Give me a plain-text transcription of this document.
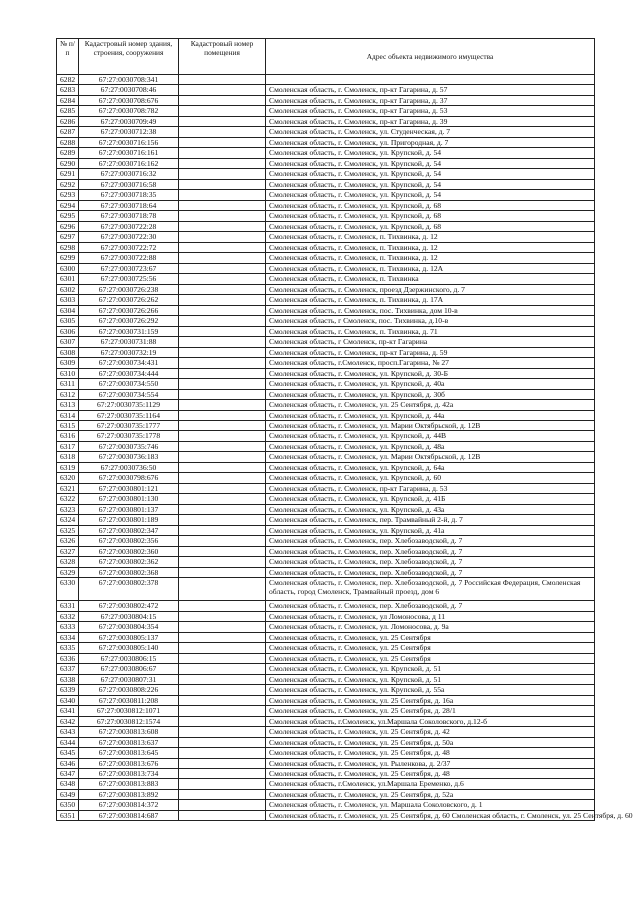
№ п/п	Кадастровый номер здания, строения, сооружения	Кадастровый номер помещения	Адрес объекта недвижимого имущества
6282	67:27:0030708:341		
6283	67:27:0030708:46		Смоленская область, г. Смоленск, пр-кт Гагарина, д. 57
6284	67:27:0030708:676		Смоленская область, г. Смоленск, пр-кт Гагарина, д. 37
6285	67:27:0030708:782		Смоленская область, г. Смоленск, пр-кт Гагарина, д. 53
6286	67:27:0030709:49		Смоленская область, г. Смоленск, пр-кт Гагарина, д. 39
6287	67:27:0030712:38		Смоленская область, г. Смоленск, ул. Студенческая, д. 7
6288	67:27:0030716:156		Смоленская область, г. Смоленск, ул. Пригородная, д. 7
6289	67:27:0030716:161		Смоленская область, г. Смоленск, ул. Крупской, д. 54
6290	67:27:0030716:162		Смоленская область, г. Смоленск, ул. Крупской, д. 54
6291	67:27:0030716:32		Смоленская область, г. Смоленск, ул. Крупской, д. 54
6292	67:27:0030716:58		Смоленская область, г. Смоленск, ул. Крупской, д. 54
6293	67:27:0030718:35		Смоленская область, г. Смоленск, ул. Крупской, д. 54
6294	67:27:0030718:64		Смоленская область, г. Смоленск, ул. Крупской, д. 68
6295	67:27:0030718:78		Смоленская область, г. Смоленск, ул. Крупской, д. 68
6296	67:27:0030722:28		Смоленская область, г. Смоленск, ул. Крупской, д. 68
6297	67:27:0030722:30		Смоленская область, г. Смоленск, п. Тихвинка, д. 12
6298	67:27:0030722:72		Смоленская область, г. Смоленск, п. Тихвинка, д. 12
6299	67:27:0030722:88		Смоленская область, г. Смоленск, п. Тихвинка, д. 12
6300	67:27:0030723:67		Смоленская область, г. Смоленск, п. Тихвинка, д. 12А
6301	67:27:0030725:56		Смоленская область, г. Смоленск, п. Тихвинка
6302	67:27:0030726:238		Смоленская область, г. Смоленск, проезд Дзержинского, д. 7
6303	67:27:0030726:262		Смоленская область, г. Смоленск, п. Тихвинка, д. 17А
6304	67:27:0030726:266		Смоленская область, г. Смоленск, пос. Тихвинка, дом 10-в
6305	67:27:0030726:292		Смоленская область, г Смоленск, пос. Тихвинка, д.10-в
6306	67:27:0030731:159		Смоленская область, г. Смоленск, п. Тихвинка, д. 71
6307	67:27:0030731:88		Смоленская область, г Смоленск, пр-кт Гагарина
6308	67:27:0030732:19		Смоленская область, г. Смоленск, пр-кт Гагарина, д. 59
6309	67:27:0030734:431		Смоленская область, г.Смоленск, просп.Гагарина, № 27
6310	67:27:0030734:444		Смоленская область, г. Смоленск, ул. Крупской, д. 30-Б
6311	67:27:0030734:550		Смоленская область, г. Смоленск, ул. Крупской, д. 40а
6312	67:27:0030734:554		Смоленская область, г. Смоленск, ул. Крупской, д. 30б
6313	67:27:0030735:1129		Смоленская область, г. Смоленск, ул. 25 Сентября, д. 42а
6314	67:27:0030735:1164		Смоленская область, г. Смоленск, ул. Крупской, д. 44а
6315	67:27:0030735:1777		Смоленская область, г. Смоленск, ул. Марии Октябрьской, д. 12В
6316	67:27:0030735:1778		Смоленская область, г. Смоленск, ул. Крупской, д. 44В
6317	67:27:0030735:746		Смоленская область, г. Смоленск, ул. Крупской, д. 48а
6318	67:27:0030736:183		Смоленская область, г. Смоленск, ул. Марии Октябрьской, д. 12В
6319	67:27:0030736:50		Смоленская область, г. Смоленск, ул. Крупской, д. 64а
6320	67:27:0030798:676		Смоленская область, г. Смоленск, ул. Крупской, д. 60
6321	67:27:0030801:121		Смоленская область, г. Смоленск, пр-кт Гагарина, д. 53
6322	67:27:0030801:130		Смоленская область, г. Смоленск, ул. Крупской, д. 41Б
6323	67:27:0030801:137		Смоленская область, г. Смоленск, ул. Крупской, д. 43а
6324	67:27:0030801:189		Смоленская область, г. Смоленск, пер. Трамвайный 2-й, д. 7
6325	67:27:0030802:347		Смоленская область, г. Смоленск, ул. Крупской, д. 41а
6326	67:27:0030802:356		Смоленская область, г. Смоленск, пер. Хлебозаводской, д. 7
6327	67:27:0030802:360		Смоленская область, г. Смоленск, пер. Хлебозаводской, д. 7
6328	67:27:0030802:362		Смоленская область, г. Смоленск, пер. Хлебозаводской, д. 7
6329	67:27:0030802:368		Смоленская область, г. Смоленск, пер. Хлебозаводской, д. 7
6330	67:27:0030802:378		Смоленская область, г. Смоленск, пер. Хлебозаводской, д. 7 Российская Федерация, Смоленская область, город Смоленск, Трамвайный проезд, дом 6
6331	67:27:0030802:472		Смоленская область, г. Смоленск, пер. Хлебозаводской, д. 7
6332	67:27:0030804:15		Смоленская область, г. Смоленск, ул Ломоносова, д 11
6333	67:27:0030804:354		Смоленская область, г. Смоленск, ул. Ломоносова, д. 9а
6334	67:27:0030805:137		Смоленская область, г. Смоленск, ул. 25 Сентября
6335	67:27:0030805:140		Смоленская область, г. Смоленск, ул. 25 Сентября
6336	67:27:0030806:15		Смоленская область, г. Смоленск, ул. 25 Сентября
6337	67:27:0030806:67		Смоленская область, г. Смоленск, ул. Крупской, д. 51
6338	67:27:0030807:31		Смоленская область, г. Смоленск, ул. Крупской, д. 51
6339	67:27:0030808:226		Смоленская область, г. Смоленск, ул. Крупской, д. 55а
6340	67:27:0030811:208		Смоленская область, г. Смоленск, ул. 25 Сентября, д. 16а
6341	67:27:0030812:1071		Смоленская область, г. Смоленск, ул. 25 Сентября, д. 28/1
6342	67:27:0030812:1574		Смоленская область, г.Смоленск, ул.Маршала Соколовского, д.12-б
6343	67:27:0030813:608		Смоленская область, г. Смоленск, ул. 25 Сентября, д. 42
6344	67:27:0030813:637		Смоленская область, г. Смоленск, ул. 25 Сентября, д. 50а
6345	67:27:0030813:645		Смоленская область, г. Смоленск, ул. 25 Сентября, д. 48
6346	67:27:0030813:676		Смоленская область, г. Смоленск, ул. Рыленкова, д. 2/37
6347	67:27:0030813:734		Смоленская область, г. Смоленск, ул. 25 Сентября, д. 48
6348	67:27:0030813:883		Смоленская область, г.Смоленск, ул.Маршала Еременко, д.6
6349	67:27:0030813:892		Смоленская область, г. Смоленск, ул. 25 Сентября, д. 52а
6350	67:27:0030814:372		Смоленская область, г. Смоленск, ул. Маршала Соколовского, д. 1
6351	67:27:0030814:687		Смоленская область, г. Смоленск, ул. 25 Сентября, д. 60 Смоленская область, г. Смоленск, ул. 25 Сентября, д. 60
